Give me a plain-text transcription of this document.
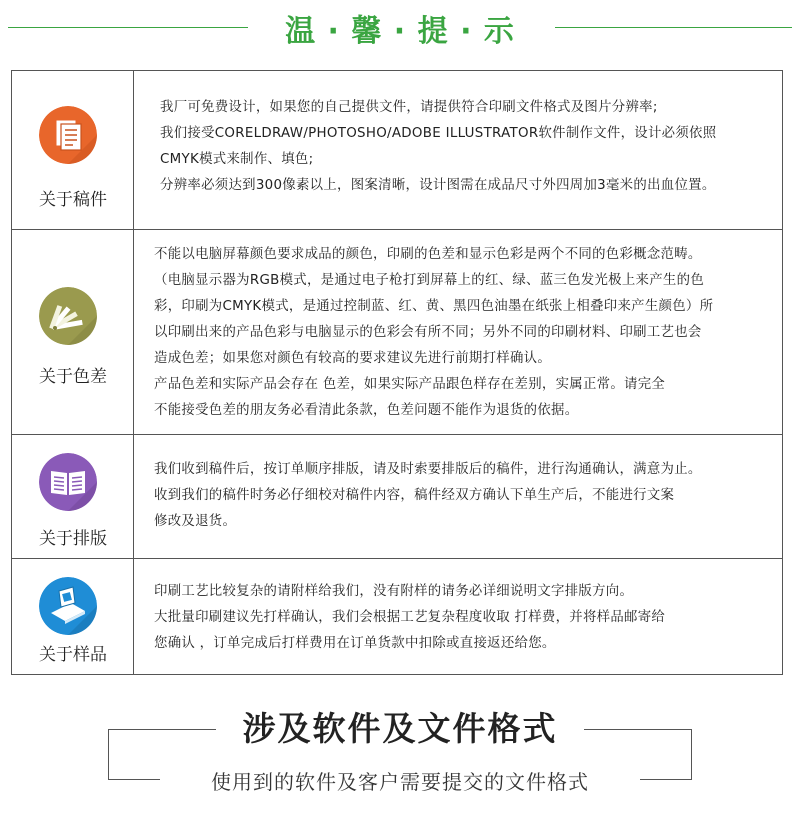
温 · 馨 · 提 · 示
关于稿件
我厂可免费设计，如果您的自己提供文件，请提供符合印刷文件格式及图片分辨率;
我们接受CORELDRAW/PHOTOSHO/ADOBE ILLUSTRATOR软件制作文件，设计必须依照
CMYK模式来制作、填色;
分辨率必须达到300像素以上，图案清晰，设计图需在成品尺寸外四周加3毫米的出血位置。
关于色差
不能以电脑屏幕颜色要求成品的颜色，印刷的色差和显示色彩是两个不同的色彩概念范畴。
（电脑显示器为RGB模式，是通过电子枪打到屏幕上的红、绿、蓝三色发光极上来产生的色
彩，印刷为CMYK模式，是通过控制蓝、红、黄、黑四色油墨在纸张上相叠印来产生颜色）所
以印刷出来的产品色彩与电脑显示的色彩会有所不同；另外不同的印刷材料、印刷工艺也会
造成色差；如果您对颜色有较高的要求建议先进行前期打样确认。
产品色差和实际产品会存在 色差，如果实际产品跟色样存在差别，实属正常。请完全
不能接受色差的朋友务必看清此条款，色差问题不能作为退货的依据。
关于排版
我们收到稿件后，按订单顺序排版，请及时索要排版后的稿件，进行沟通确认，满意为止。
收到我们的稿件时务必仔细校对稿件内容，稿件经双方确认下单生产后，不能进行文案
修改及退货。
关于样品
印刷工艺比较复杂的请附样给我们，没有附样的请务必详细说明文字排版方向。
大批量印刷建议先打样确认，我们会根据工艺复杂程度收取 打样费，并将样品邮寄给
您确认 ，订单完成后打样费用在订单货款中扣除或直接返还给您。
涉及软件及文件格式
使用到的软件及客户需要提交的文件格式
